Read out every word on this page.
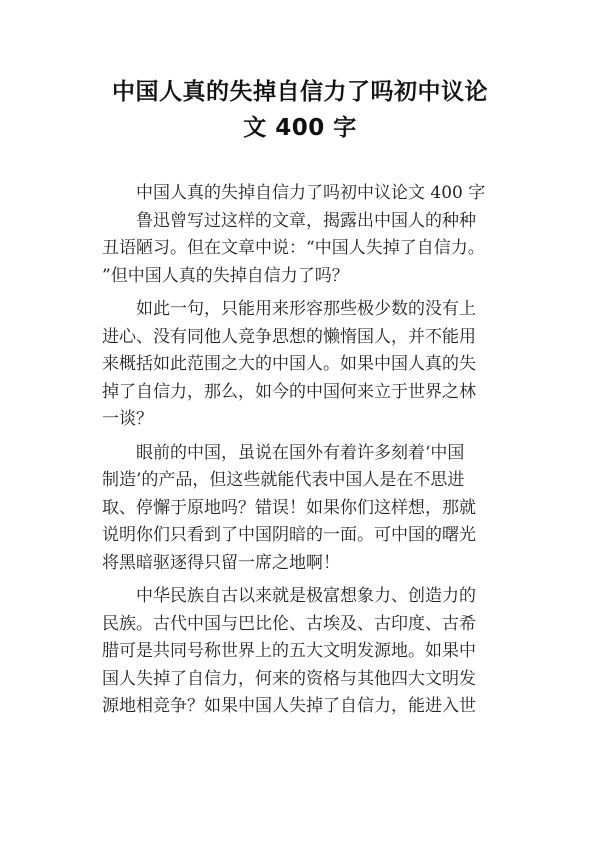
中国人真的失掉自信力了吗初中议论
文 400 字
中国人真的失掉自信力了吗初中议论文 400 字
鲁迅曾写过这样的文章，揭露出中国人的种种
丑语陋习。但在文章中说：“中国人失掉了自信力。
”但中国人真的失掉自信力了吗？
如此一句，只能用来形容那些极少数的没有上
进心、没有同他人竞争思想的懒惰国人，并不能用
来概括如此范围之大的中国人。如果中国人真的失
掉了自信力，那么，如今的中国何来立于世界之林
一谈？
眼前的中国，虽说在国外有着许多刻着‘中国
制造’的产品，但这些就能代表中国人是在不思进
取、停懈于原地吗？错误！如果你们这样想，那就
说明你们只看到了中国阴暗的一面。可中国的曙光
将黑暗驱逐得只留一席之地啊！
中华民族自古以来就是极富想象力、创造力的
民族。古代中国与巴比伦、古埃及、古印度、古希
腊可是共同号称世界上的五大文明发源地。如果中
国人失掉了自信力，何来的资格与其他四大文明发
源地相竞争？如果中国人失掉了自信力，能进入世
